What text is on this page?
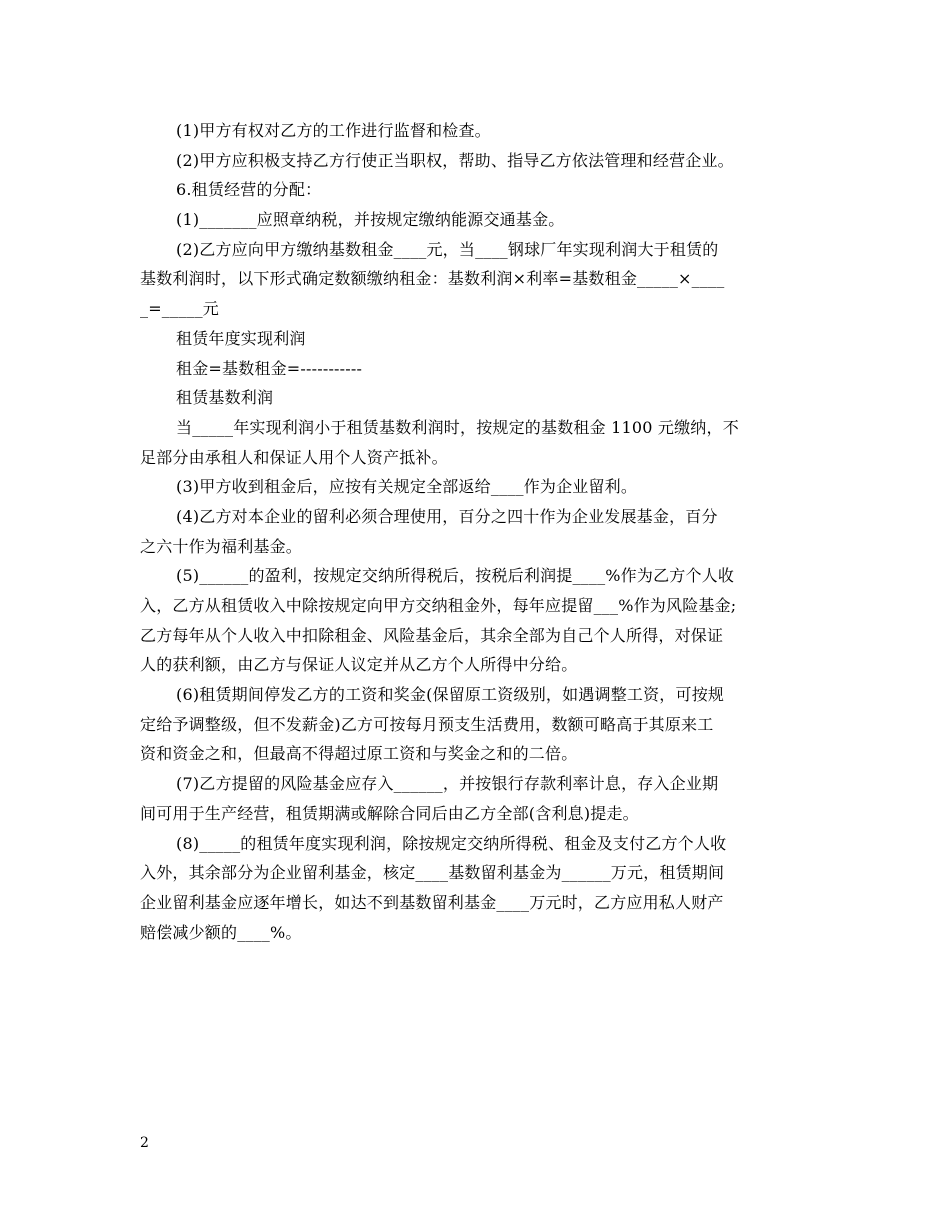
(1)甲方有权对乙方的工作进行监督和检查。
(2)甲方应积极支持乙方行使正当职权，帮助、指导乙方依法管理和经营企业。
6.租赁经营的分配：
(1)_______应照章纳税，并按规定缴纳能源交通基金。
(2)乙方应向甲方缴纳基数租金____元，当____钢球厂年实现利润大于租赁的
基数利润时，以下形式确定数额缴纳租金：基数利润×利率=基数租金_____×____
_=_____元
租赁年度实现利润
租金=基数租金=-----------
租赁基数利润
当_____年实现利润小于租赁基数利润时，按规定的基数租金 1100 元缴纳，不
足部分由承租人和保证人用个人资产抵补。
(3)甲方收到租金后，应按有关规定全部返给____作为企业留利。
(4)乙方对本企业的留利必须合理使用，百分之四十作为企业发展基金，百分
之六十作为福利基金。
(5)______的盈利，按规定交纳所得税后，按税后利润提____%作为乙方个人收
入，乙方从租赁收入中除按规定向甲方交纳租金外，每年应提留___%作为风险基金;
乙方每年从个人收入中扣除租金、风险基金后，其余全部为自己个人所得，对保证
人的获利额，由乙方与保证人议定并从乙方个人所得中分给。
(6)租赁期间停发乙方的工资和奖金(保留原工资级别，如遇调整工资，可按规
定给予调整级，但不发薪金)乙方可按每月预支生活费用，数额可略高于其原来工
资和资金之和，但最高不得超过原工资和与奖金之和的二倍。
(7)乙方提留的风险基金应存入______，并按银行存款利率计息，存入企业期
间可用于生产经营，租赁期满或解除合同后由乙方全部(含利息)提走。
(8)_____的租赁年度实现利润，除按规定交纳所得税、租金及支付乙方个人收
入外，其余部分为企业留利基金，核定____基数留利基金为______万元，租赁期间
企业留利基金应逐年增长，如达不到基数留利基金____万元时，乙方应用私人财产
赔偿减少额的____%。
2
